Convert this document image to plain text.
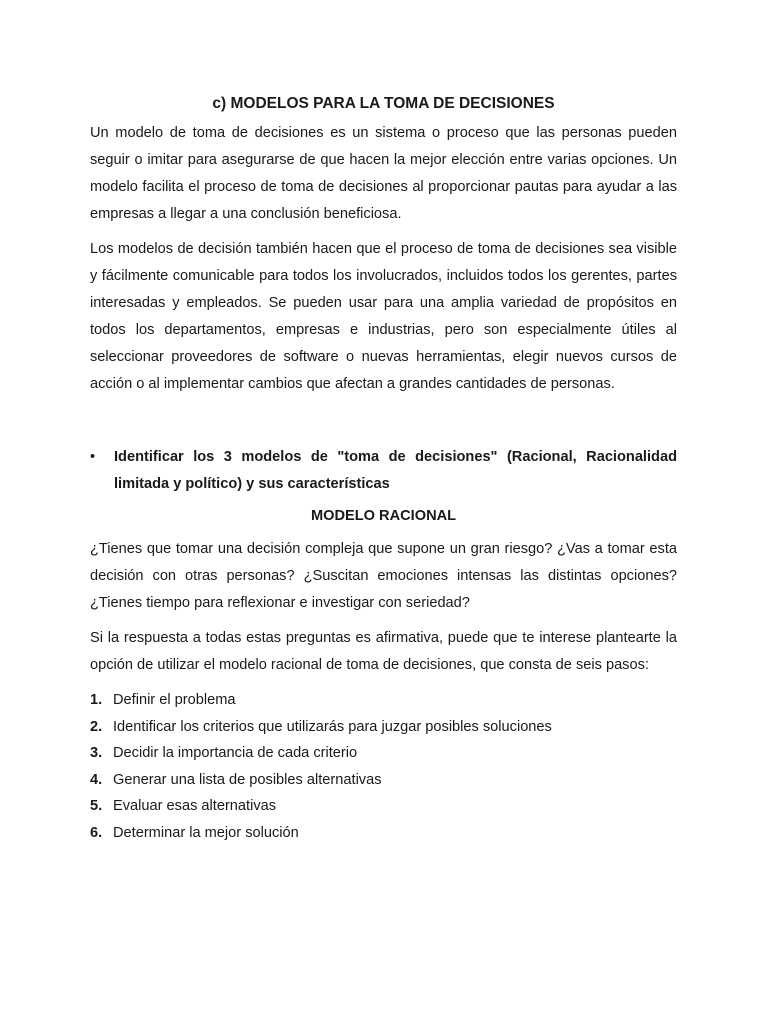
c) MODELOS PARA LA TOMA DE DECISIONES

Un modelo de toma de decisiones es un sistema o proceso que las personas pueden seguir o imitar para asegurarse de que hacen la mejor elección entre varias opciones. Un modelo facilita el proceso de toma de decisiones al proporcionar pautas para ayudar a las empresas a llegar a una conclusión beneficiosa.

Los modelos de decisión también hacen que el proceso de toma de decisiones sea visible y fácilmente comunicable para todos los involucrados, incluidos todos los gerentes, partes interesadas y empleados. Se pueden usar para una amplia variedad de propósitos en todos los departamentos, empresas e industrias, pero son especialmente útiles al seleccionar proveedores de software o nuevas herramientas, elegir nuevos cursos de acción o al implementar cambios que afectan a grandes cantidades de personas.

• Identificar los 3 modelos de "toma de decisiones" (Racional, Racionalidad limitada y político) y sus características
MODELO RACIONAL

¿Tienes que tomar una decisión compleja que supone un gran riesgo? ¿Vas a tomar esta decisión con otras personas? ¿Suscitan emociones intensas las distintas opciones? ¿Tienes tiempo para reflexionar e investigar con seriedad?

Si la respuesta a todas estas preguntas es afirmativa, puede que te interese plantearte la opción de utilizar el modelo racional de toma de decisiones, que consta de seis pasos:

1. Definir el problema
2. Identificar los criterios que utilizarás para juzgar posibles soluciones
3. Decidir la importancia de cada criterio
4. Generar una lista de posibles alternativas
5. Evaluar esas alternativas
6. Determinar la mejor solución
